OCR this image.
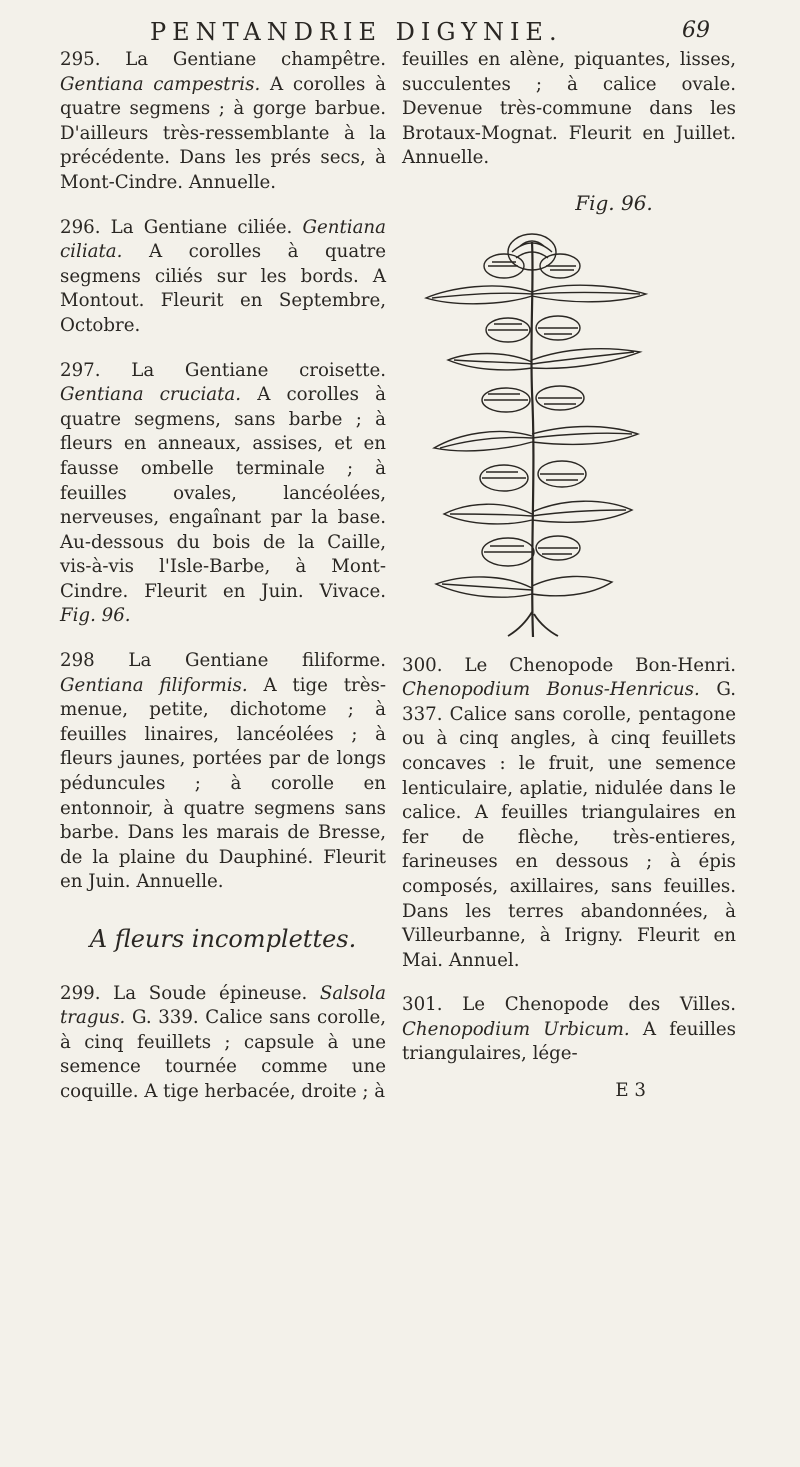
PENTANDRIE DIGYNIE.	69

295. La Gentiane champêtre. Gentiana campestris. A corolles à quatre segmens ; à gorge barbue. D'ailleurs très-ressemblante à la précédente. Dans les prés secs, à Mont-Cindre. Annuelle.

296. La Gentiane ciliée. Gentiana ciliata. A corolles à quatre segmens ciliés sur les bords. A Montout. Fleurit en Septembre, Octobre.

297. La Gentiane croisette. Gentiana cruciata. A corolles à quatre segmens, sans barbe ; à fleurs en anneaux, assises, et en fausse ombelle terminale ; à feuilles ovales, lancéolées, nerveuses, engaînant par la base. Au-dessous du bois de la Caille, vis-à-vis l'Isle-Barbe, à Mont-Cindre. Fleurit en Juin. Vivace. Fig. 96.

298 La Gentiane filiforme. Gentiana filiformis. A tige très-menue, petite, dichotome ; à feuilles linaires, lancéolées ; à fleurs jaunes, portées par de longs péduncules ; à corolle en entonnoir, à quatre segmens sans barbe. Dans les marais de Bresse, de la plaine du Dauphiné. Fleurit en Juin. Annuelle.

A fleurs incomplettes.

299. La Soude épineuse. Salsola tragus. G. 339. Calice sans corolle, à cinq feuillets ; capsule à une semence tournée comme une coquille. A tige herbacée, droite ; à

feuilles en alène, piquantes, lisses, succulentes ; à calice ovale. Devenue très-commune dans les Brotaux-Mognat. Fleurit en Juillet. Annuelle.

Fig. 96.

300. Le Chenopode Bon-Henri. Chenopodium Bonus-Henricus. G. 337. Calice sans corolle, pentagone ou à cinq angles, à cinq feuillets concaves : le fruit, une semence lenticulaire, aplatie, nidulée dans le calice. A feuilles triangulaires en fer de flèche, très-entieres, farineuses en dessous ; à épis composés, axillaires, sans feuilles. Dans les terres abandonnées, à Villeurbanne, à Irigny. Fleurit en Mai. Annuel.

301. Le Chenopode des Villes. Chenopodium Urbicum. A feuilles triangulaires, lége-

E 3
